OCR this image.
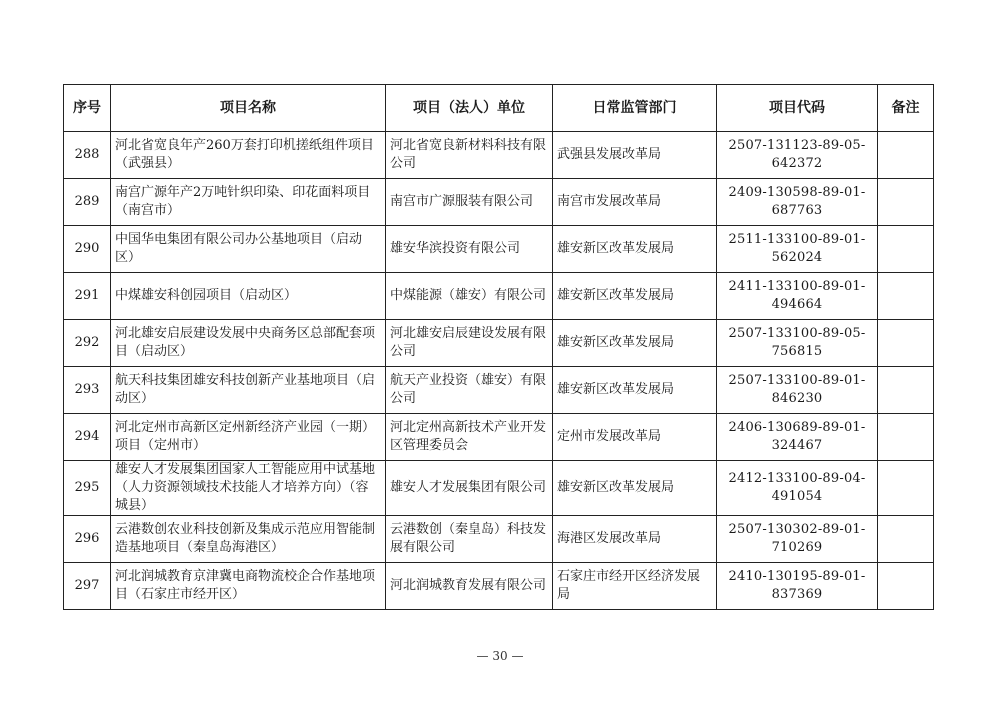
序号	项目名称	项目（法人）单位	日常监管部门	项目代码	备注
288	河北省宽良年产260万套打印机搓纸组件项目（武强县）	河北省宽良新材料科技有限公司	武强县发展改革局	2507-131123-89-05-642372	
289	南宫广源年产2万吨针织印染、印花面料项目（南宫市）	南宫市广源服装有限公司	南宫市发展改革局	2409-130598-89-01-687763	
290	中国华电集团有限公司办公基地项目（启动区）	雄安华滨投资有限公司	雄安新区改革发展局	2511-133100-89-01-562024	
291	中煤雄安科创园项目（启动区）	中煤能源（雄安）有限公司	雄安新区改革发展局	2411-133100-89-01-494664	
292	河北雄安启辰建设发展中央商务区总部配套项目（启动区）	河北雄安启辰建设发展有限公司	雄安新区改革发展局	2507-133100-89-05-756815	
293	航天科技集团雄安科技创新产业基地项目（启动区）	航天产业投资（雄安）有限公司	雄安新区改革发展局	2507-133100-89-01-846230	
294	河北定州市高新区定州新经济产业园（一期）项目（定州市）	河北定州高新技术产业开发区管理委员会	定州市发展改革局	2406-130689-89-01-324467	
295	雄安人才发展集团国家人工智能应用中试基地（人力资源领域技术技能人才培养方向）（容城县）	雄安人才发展集团有限公司	雄安新区改革发展局	2412-133100-89-04-491054	
296	云港数创农业科技创新及集成示范应用智能制造基地项目（秦皇岛海港区）	云港数创（秦皇岛）科技发展有限公司	海港区发展改革局	2507-130302-89-01-710269	
297	河北润城教育京津冀电商物流校企合作基地项目（石家庄市经开区）	河北润城教育发展有限公司	石家庄市经开区经济发展局	2410-130195-89-01-837369	
— 30 —
